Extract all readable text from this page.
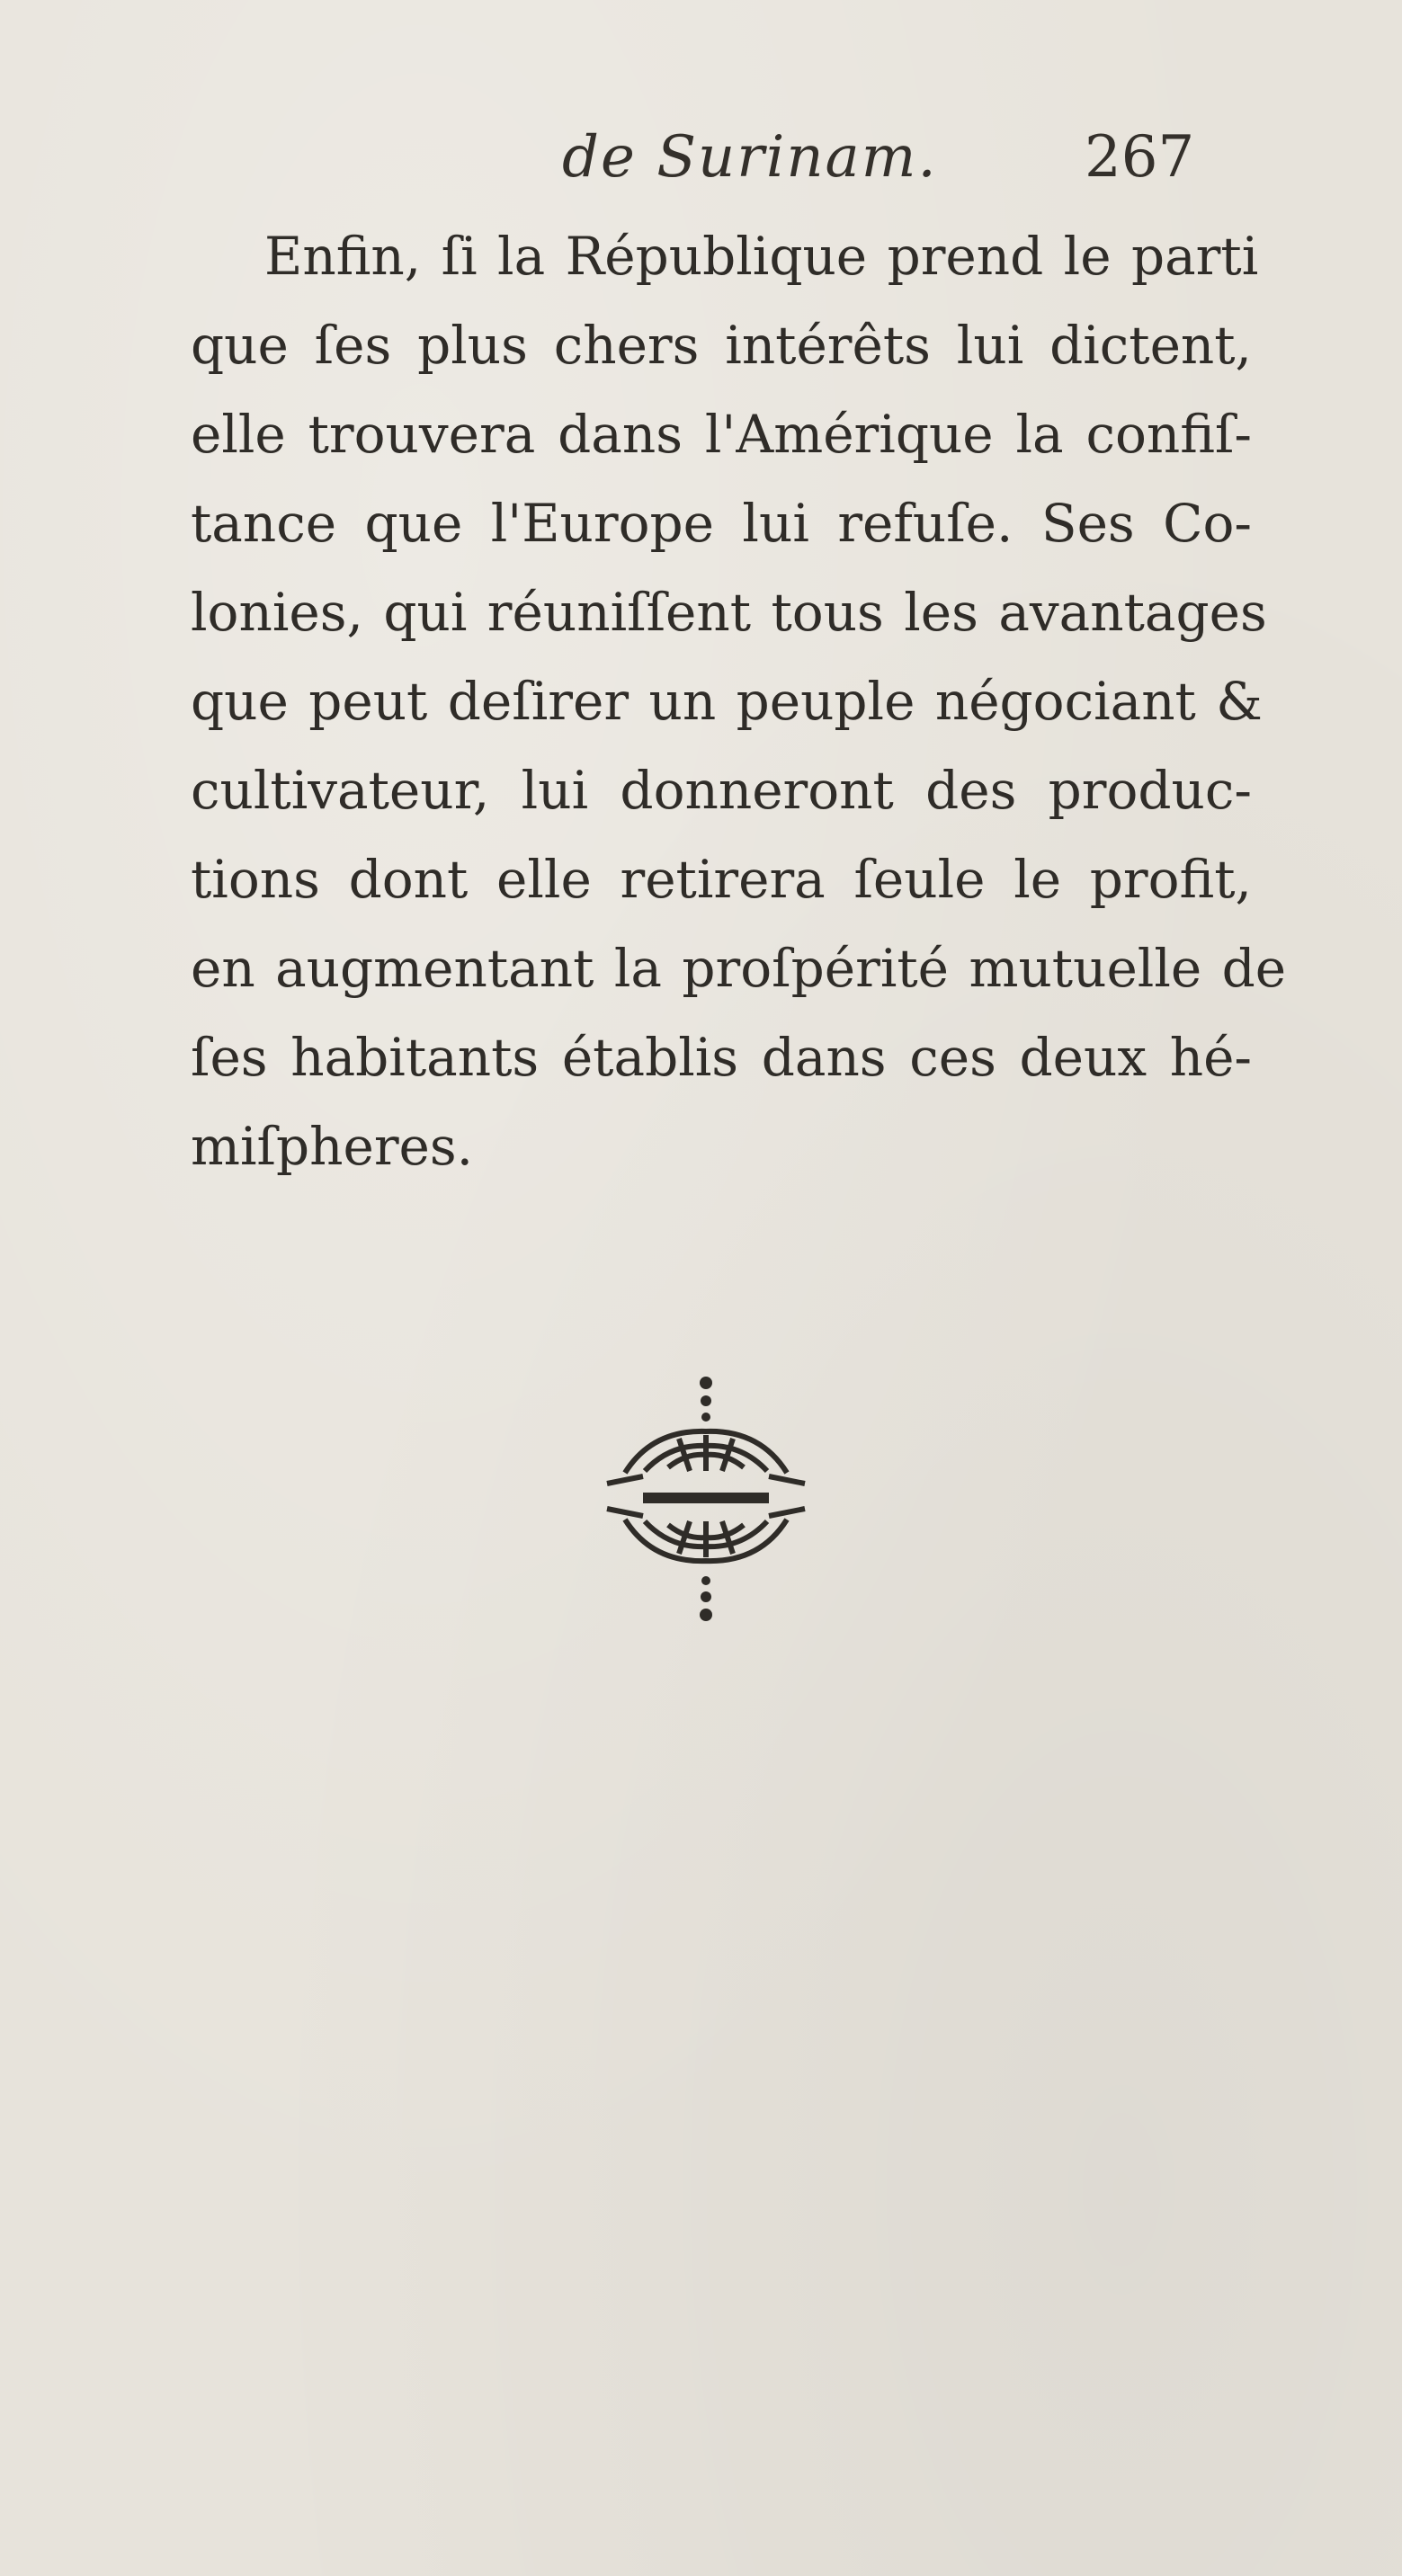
de Surinam.	267
Enfin, ſi la République prend le parti
que ſes plus chers intérêts lui dictent,
elle trouvera dans l'Amérique la confiſ-
tance que l'Europe lui refuſe. Ses Co-
lonies, qui réuniſſent tous les avantages
que peut deſirer un peuple négociant &
cultivateur, lui donneront des produc-
tions dont elle retirera ſeule le profit,
en augmentant la proſpérité mutuelle de
ſes habitants établis dans ces deux hé-
miſpheres.
